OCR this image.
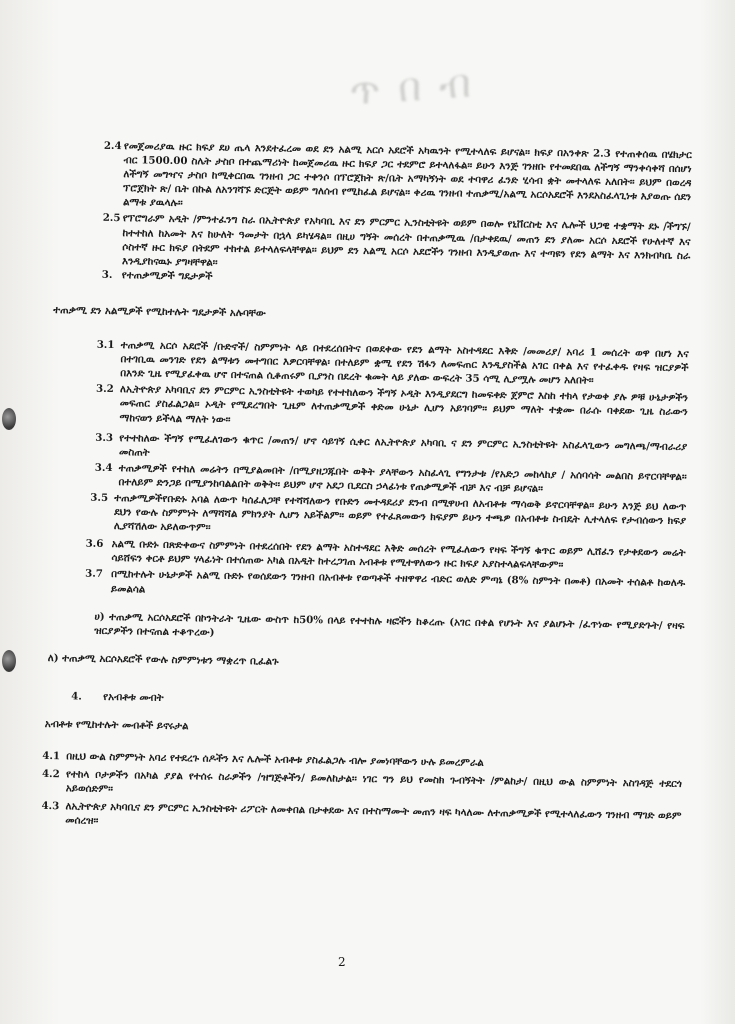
ጥበብ
2.4 የመጀመሪያዉ ዙር ክፍያ ደሀ ጤላ እንደተፈረመ ወደ ደን አልሚ አርሶ አደሮች አካዉንት የሚተላለፍ ይሆናል፡፡ ክፍያ በአንቀጽ 2.3 የተጠቀሰዉ በሄክታር ብር 1500.00 ስሌት ታስቦ በተጨማሪነት ከመጀመሪዉ ዙር ክፍያ ጋር ተደምሮ ይተላለፋል፡፡ ይሁን እንጅ ገንዘቡ የተመደበዉ ለችግኝ ማንቀሳቀሻ በሰሆነ ለችግኝ መግዣና ታስቦ ከሚቀርበዉ ገንዘብ ጋር ተቀንሶ በፕሮጀክት ጽ/ቤት አማካኝነት ወደ ተባዋሪ ፈንድ ሂሳብ ቋት መተላለፍ አለበት፡፡ ይህም በወረዳ ፕሮጀክት ጽ/ ቤት በኩል ለአንገሻኙ ድርጅት ወይም ግለሰብ የሚከፈል ይሆናል፡፡ ቀሪዉ ገንዘብ ተጠቃሚ/አልሚ አርሶአደሮች እንደአስፈላጊነቱ እያወጡ ሰደን ልማቱ ያዉላሉ፡፡
2.5 የፕሮግራም አዲት /ምንተፈንግ ስራ በኢትዮጵያ የአካባቢ እና ደን ምርምር ኢንስቲትዩት ወይም በወሎ የኒቨርስቲ እና ሌሎች ህጋዊ ተቋማት ደኑ /ችግኙ/ ከተተከለ ከአመት እና ከሁለት ዓመታት በኋላ ይካሄዳል፡፡ በዚሀ ግኝት መሰረት በተጠቃሚዉ /በታቀደዉ/ መጠን ደን ያለሙ አርሶ አደሮች የሁለተኛ እና ሶስተኛ ዙር ክፍያ በትደም ተከተል ይተላለፍላቸዋል፡፡ ይህም ደን አልሚ አርሶ አደሮችን ገንዘብ እንዲያወጡ እና ተጣዩን የደን ልማት እና እንክብካቤ ስራ እንዲያከናዉኑ ያግዛቸዋል፡፡
3. የተጠቃሚዎች ግዴታዎች
ተጠቃሚ ደን አልሚዎች የሚከተሉት ግዴታዎች አሉባቸው
3.1 ተጠቃሚ አርሶ አደሮች /ቡድኖች/ ስምምነት ላይ በተደረሰበትና በወደቀው የደን ልማት አስተዳደር እቅድ /መመሪያ/ አባሪ 1 መሰረት ወዋ በሆነ እና በተገቢዉ መንገድ የደን ልማቱን መተግበር እዎርባቸዋል፡ በተለይም ቋሚ የደን ሽፋን ለመፍጠር እንዲያስችል አገር በቀል እና የተፈቀዱ የዛፍ ዝርያዎች በእንድ ጊዜ የሚያፈቀዉ ሆኖ በተናጠል ሲቆጠሩም ቢያንስ በደረት ቁመት ላይ ያለው ውፍረት 35 ሳሚ ሊያሟሉ መሆን አለበት፡፡
3.2 ለኢትዮጵያ አካባቢና ደን ምርምር ኢንስቲትዩት ተወካይ የተተከለውን ችግኝ ኦዲት እንዲያደርግ ከመፍቀድ ጀምሮ እስከ ተክላ የታወቀ ያሉ ዎቹ ሁኔታዎችን መፍጠር ያስፈልጋል፡፡ ኦዲት የሚደረግበት ጊዜም ለተጠቃሚዎች ቀድመ ሁኔታ ሊሆን አይገባም፡፡ ይህም ማለት ተቋሙ በራሱ ባቀደው ጊዜ ስራውን ማከናወን ይችላል ማለት ነው፡፡
3.3 የተተከለው ችግኝ የሚፈለገውን ቁጥር /መጠን/ ሆኖ ሳይገኝ ሲቀር ለኢትዮጵያ አካባቢ ና ደን ምርምር ኢንስቲትዩት አስፈላጊውን መግለጫ/ማብራሪያ መስጠት
3.4 ተጠቃሚዎች የተከለ መሬትን በሚያልመበት /በሚያዘጋጁበት ወቅት ያላቸውን አስፈላጊ የግንታቱ /የአድጋ መከላከያ / አሰባሳት መልበስ ይኖርባቸዋል፡፡ በተለይም ድንጋይ በሚያንከባልልበት ወቅት፡፡ ይህም ሆኖ አደጋ ቢደርስ ኃላፊነቱ የጠቃሚዎች ብቻ እና ብቻ ይሆናል፡፡
3.5 ተጠቃሚዎችየቡድኑ አባል ለውጥ ካሰፈለጋቸ የተሻሻለውን የቡድን መተዳደሪያ ደንብ በሚዋሀብ ለአብቶቱ ማሳወቅ ይኖርባቸዋል፡፡ ይሁን እንጅ ይህ ለውጥ ደህን የውሉ ስምምነት ለማሻሻል ምክንያት ሊሆን አይችልም፡፡ ወይም የተፈጸመውን ክፍያም ይሁን ተጫዎ በአብቶቱ ስብዴት ሊተላለፍ የታብሰውን ክፍያ ሊያሻሽለው አይለውጥም፡፡
3.6 አልሚ ቡድኑ በጽድቀውና ስምምነት በተደረሰበት የደን ልማት አስተዳደር እቅድ መሰረት የሚፈለውን የዛፍ ችግኝ ቁጥር ወይም ሊሸፈን የታቀደውን መሬት ሳይሸፍን ቀርቶ ይህም ሃላፊነት በተሰጠው አካል በአዲት ከተረጋገጠ አብቶቱ የሚተዋለውን ዙር ክፍያ አያስተላልፍላቸውም፡፡
3.7 በሚከተሉት ሁኔታዎች አልሚ ቡድኑ የወሰደውን ገንዘብ በአብቶቱ የወጣቶች ተዘዋዋሪ ብድር ወለድ ምጣኔ (8% ስምንት በመቶ) በአመት ተሰልቶ ከወለዱ ይመልሳል
ሀ) ተጠቃሚ አርሶአደሮች በኮንትራት ጊዜው ውስጥ ከ50% በላይ የተተከሉ ዛፎችን ከቆረጡ (አገር በቀል የሆኑት እና ያልሆኑት /ፈጥነው የሚያድጉት/ የዛፍ ዝርያዎችን በተናጠል ተቆጥረው)
ለ) ተጠቃሚ አርሶአደሮች የውሉ ስምምነቱን ማቋረጥ ቢፈልጉ
4. የአብቶቱ መብት
አብቶቱ የሚከተሉት መብቶች ይኖሩታል
4.1 በዚህ ውል ስምምነት አባሪ የተደረጉ ሰዶችን እና ሌሎች አብቶቱ ያስፈልጋሉ ብሎ ያመነባቸውን ሁሉ ይመረምራል
4.2 የተከላ ቦታዎችን በአካል ያያል የተሰሩ ስራዎችን /ዝግጅቶችን/ ይመለከታል፡፡ ነገር ግን ይህ የመስክ ጉብኝትት /ምልከታ/ በዚህ ውል ስምምነት አስገዳጅ ተደርጎ አይወሰድም፡፡
4.3 ለኢትዮጵያ አካባቢና ደን ምርምር ኢንስቲትዩት ሪፖርት ለመቀበል በታቀደው እና በተስማሙት መጠን ዛፍ ካላለሙ ለተጠቃሚዎች የሚተላለፈውን ገንዘብ ማገድ ወይም መሰረዝ፡፡
2
